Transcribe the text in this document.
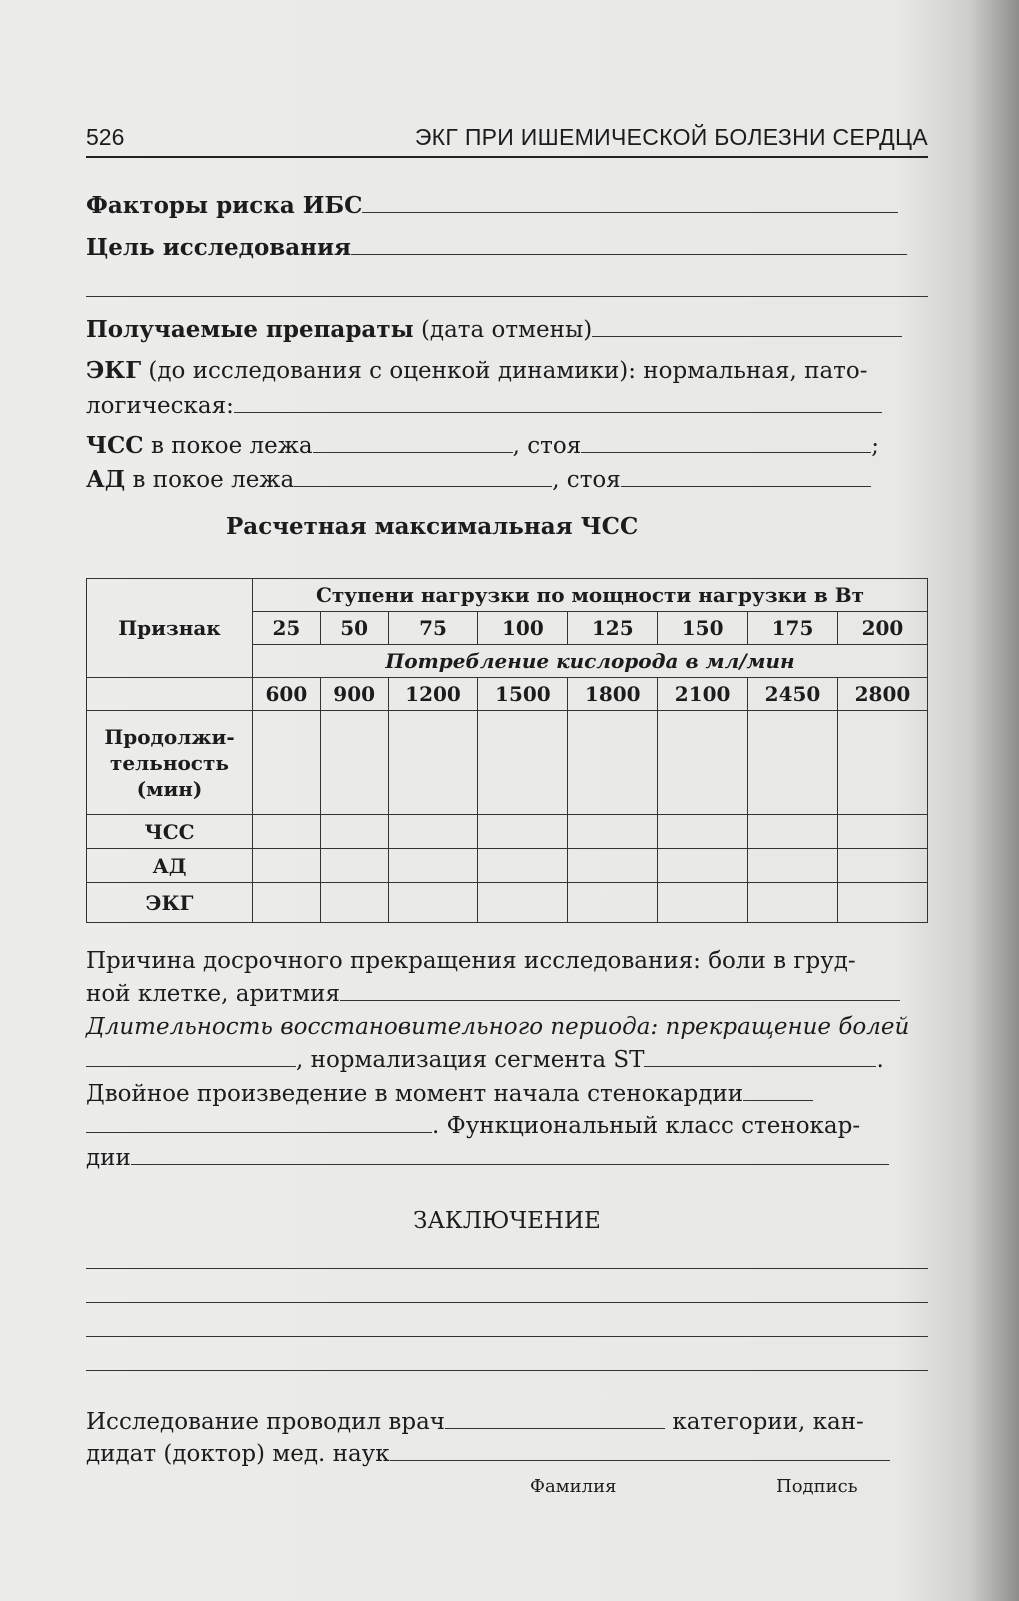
526	ЭКГ ПРИ ИШЕМИЧЕСКОЙ БОЛЕЗНИ СЕРДЦА
Факторы риска ИБС
Цель исследования
Получаемые препараты (дата отмены)
ЭКГ (до исследования с оценкой динамики): нормальная, пато-
логическая:
ЧСС в покое лежа	, стоя	;
АД в покое лежа	, стоя
Расчетная максимальная ЧСС
Признак	Ступени нагрузки по мощности нагрузки в Вт							
	25	50	75	100	125	150	175	200
	Потребление кислорода в мл/мин							
	600	900	1200	1500	1800	2100	2450	2800
Продолжи-
тельность
(мин)								
ЧСС								
АД								
ЭКГ								
Причина досрочного прекращения исследования: боли в груд-
ной клетке, аритмия
Длительность восстановительного периода: прекращение болей
, нормализация сегмента ST	.
Двойное произведение в момент начала стенокардии
. Функциональный класс стенокар-
дии
ЗАКЛЮЧЕНИЕ
Исследование проводил врач	категории, кан-
дидат (доктор) мед. наук
Фамилия	Подпись
